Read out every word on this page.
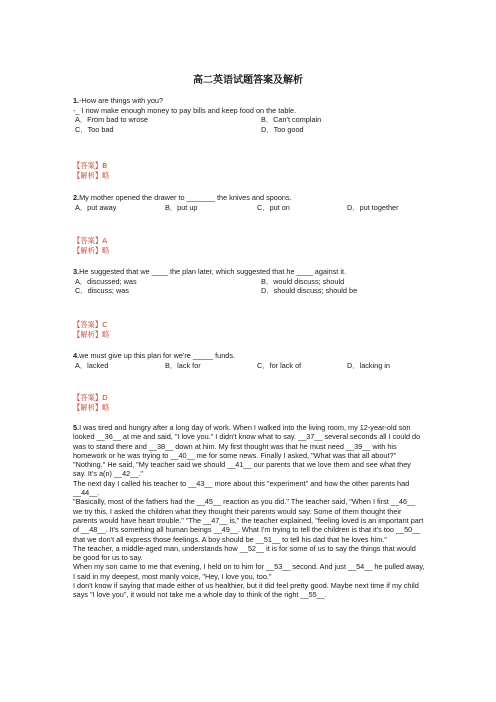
高二英语试题答案及解析
1.-How are things with you?
-_ I now make enough money to pay bills and keep food on the table.
A．From bad to wrose	B．Can't complain
C．Too bad	D．Too good
【答案】B
【解析】略
2.My mother opened the drawer to _______ the knives and spoons.
A．put away	B．put up	C．put on	D．put together
【答案】A
【解析】略
3.He suggested that we ____ the plan later, which suggested that he ____ against it.
A．discussed; was	B．would discuss; should
C．discuss; was	D．should discuss; should be
【答案】C
【解析】略
4.we must give up this plan for we're _____ funds.
A．lacked	B．lack for	C．for lack of	D．lacking in
【答案】D
【解析】略

5.I was tired and hungry after a long day of work. When I walked into the living room, my 12-year-old son looked __36__ at me and said, "I love you." I didn't know what to say. __37__ several seconds all I could do was to stand there and __38__ down at him. My first thought was that he must need __39__ with his homework or he was trying to __40__ me for some news. Finally I asked, "What was that all about?"

"Nothing." He said, "My teacher said we should __41__ our parents that we love them and see what they say. It's a(n) __42__."

The next day I called his teacher to __43__ more about this "experiment" and how the other parents had __44__.

"Basically, most of the fathers had the __45__ reaction as you did." The teacher said, "When I first __46__ we try this, I asked the children what they thought their parents would say. Some of them thought their parents would have heart trouble." "The __47__ is," the teacher explained, "feeling loved is an important part of __48__. It's something all human beings __49__. What I'm trying to tell the children is that it's too __50__ that we don't all express those feelings. A boy should be __51__ to tell his dad that he loves him."

The teacher, a middle-aged man, understands how __52__ it is for some of us to say the things that would be good for us to say.

When my son came to me that evening, I held on to him for __53__ second. And just __54__ he pulled away, I said in my deepest, most manly voice, "Hey, I love you, too."

I don't know if saying that made either of us healthier, but it did feel pretty good. Maybe next time if my child says "I love you", it would not take me a whole day to think of the right __55__.
